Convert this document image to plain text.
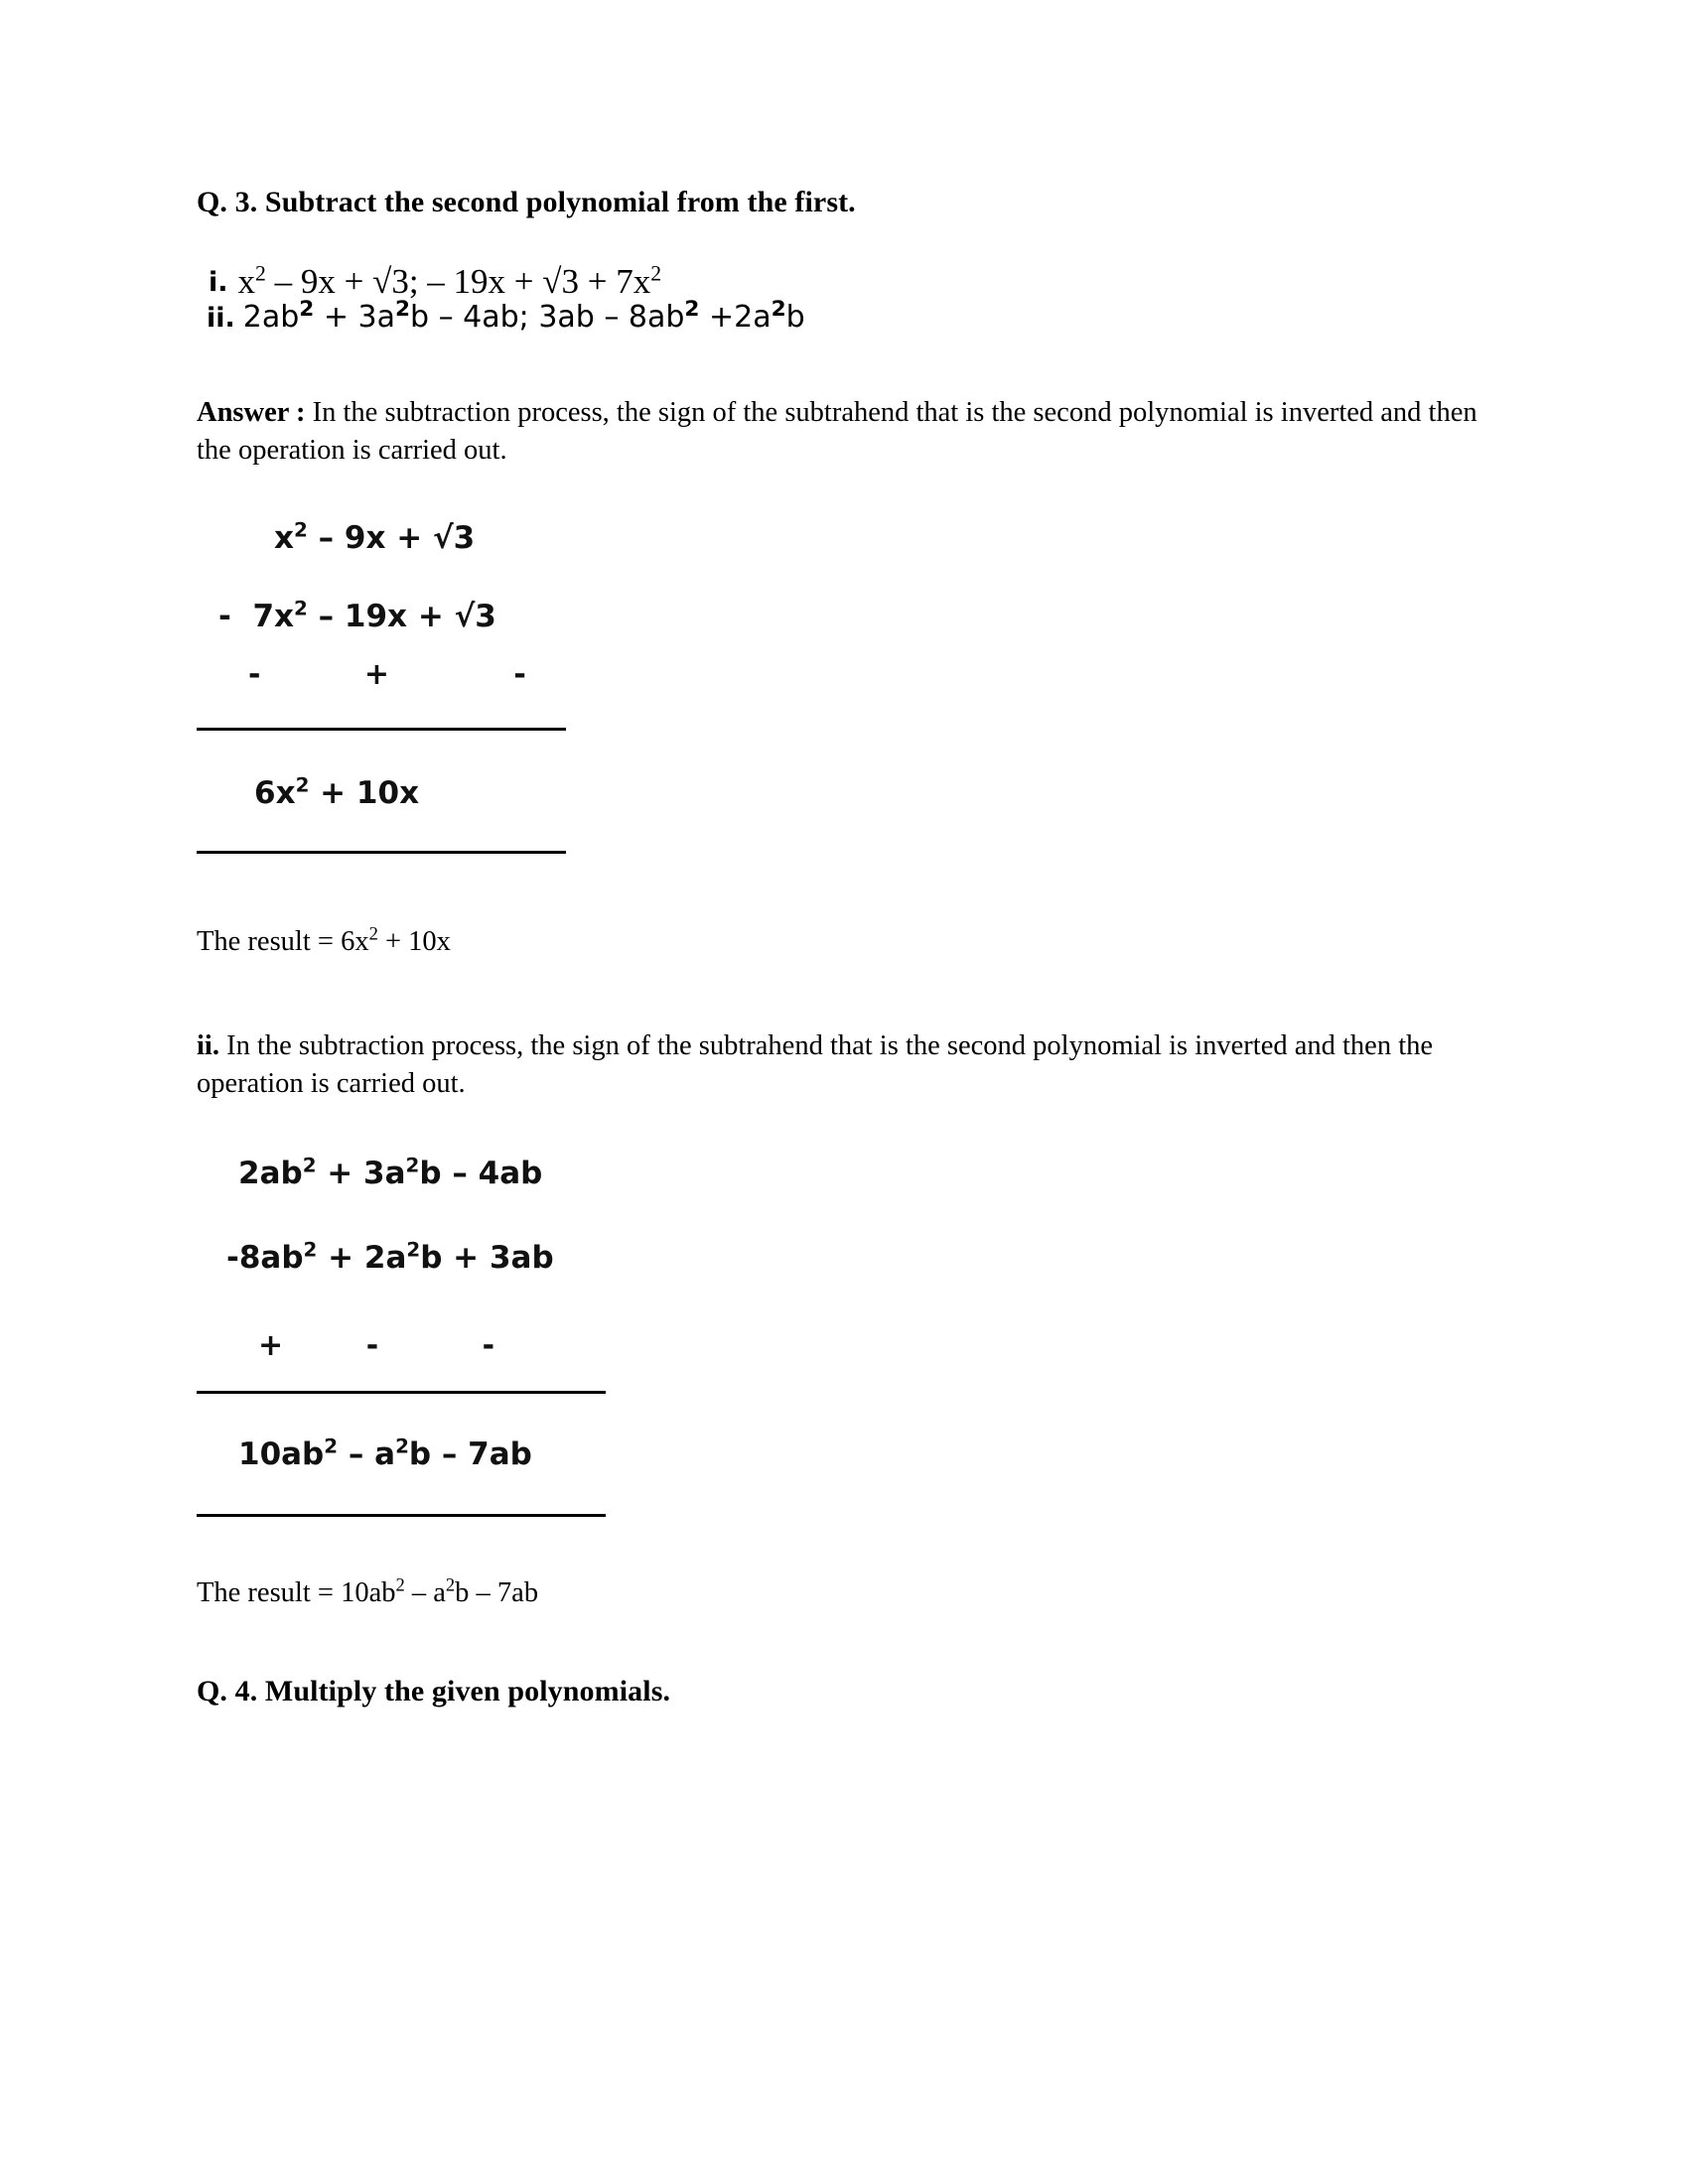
Q. 3. Subtract the second polynomial from the first.
i. $x^2 - 9x + √3$; – $19x + √3 + 7x^2$
ii. $2ab^2 + 3a^2b - 4ab$; $3ab - 8ab^2 +2a^2b$

Answer : In the subtraction process, the sign of the subtrahend that is the second polynomial is inverted and then the operation is carried out.

$x^2 - 9x + √3$
-  $7x^2 - 19x + √3$
-          +            -
$6x^2 + 10x$

The result = $6x^2 + 10x$

ii. In the subtraction process, the sign of the subtrahend that is the second polynomial is inverted and then the operation is carried out.

$2ab^2 + 3a^2b - 4ab$
$-8ab^2 + 2a^2b + 3ab$
+        -          -
$10ab^2 - a^2b - 7ab$

The result = $10ab^2 - a^2b - 7ab$

Q. 4. Multiply the given polynomials.
